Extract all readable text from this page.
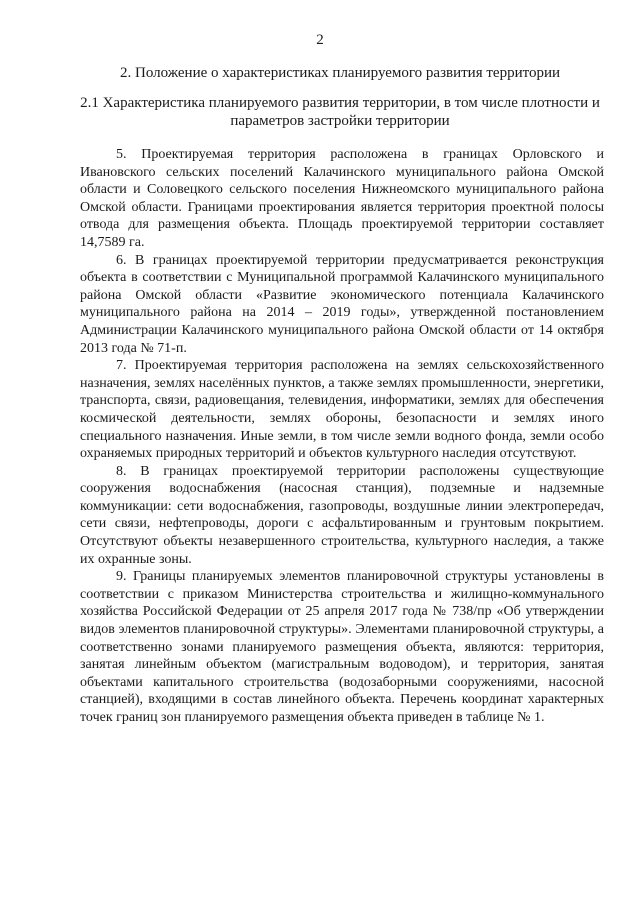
2
2. Положение о характеристиках планируемого развития территории
2.1 Характеристика планируемого развития территории, в том числе плотности и параметров застройки территории

5. Проектируемая территория расположена в границах Орловского и Ивановского сельских поселений Калачинского муниципального района Омской области и Соловецкого сельского поселения Нижнеомского муниципального района Омской области. Границами проектирования является территория проектной полосы отвода для размещения объекта. Площадь проектируемой территории составляет 14,7589 га.

6. В границах проектируемой территории предусматривается реконструкция объекта в соответствии с Муниципальной программой Калачинского муниципального района Омской области «Развитие экономического потенциала Калачинского муниципального района на 2014 – 2019 годы», утвержденной постановлением Администрации Калачинского муниципального района Омской области от 14 октября 2013 года № 71-п.

7. Проектируемая территория расположена на землях сельскохозяйственного назначения, землях населённых пунктов, а также землях промышленности, энергетики, транспорта, связи, радиовещания, телевидения, информатики, землях для обеспечения космической деятельности, землях обороны, безопасности и землях иного специального назначения. Иные земли, в том числе земли водного фонда, земли особо охраняемых природных территорий и объектов культурного наследия отсутствуют.

8. В границах проектируемой территории расположены существующие сооружения водоснабжения (насосная станция), подземные и надземные коммуникации: сети водоснабжения, газопроводы, воздушные линии электропередач, сети связи, нефтепроводы, дороги с асфальтированным и грунтовым покрытием. Отсутствуют объекты незавершенного строительства, культурного наследия, а также их охранные зоны.

9. Границы планируемых элементов планировочной структуры установлены в соответствии с приказом Министерства строительства и жилищно-коммунального хозяйства Российской Федерации от 25 апреля 2017 года № 738/пр «Об утверждении видов элементов планировочной структуры». Элементами планировочной структуры, а соответственно зонами планируемого размещения объекта, являются: территория, занятая линейным объектом (магистральным водоводом), и территория, занятая объектами капитального строительства (водозаборными сооружениями, насосной станцией), входящими в состав линейного объекта. Перечень координат характерных точек границ зон планируемого размещения объекта приведен в таблице № 1.
